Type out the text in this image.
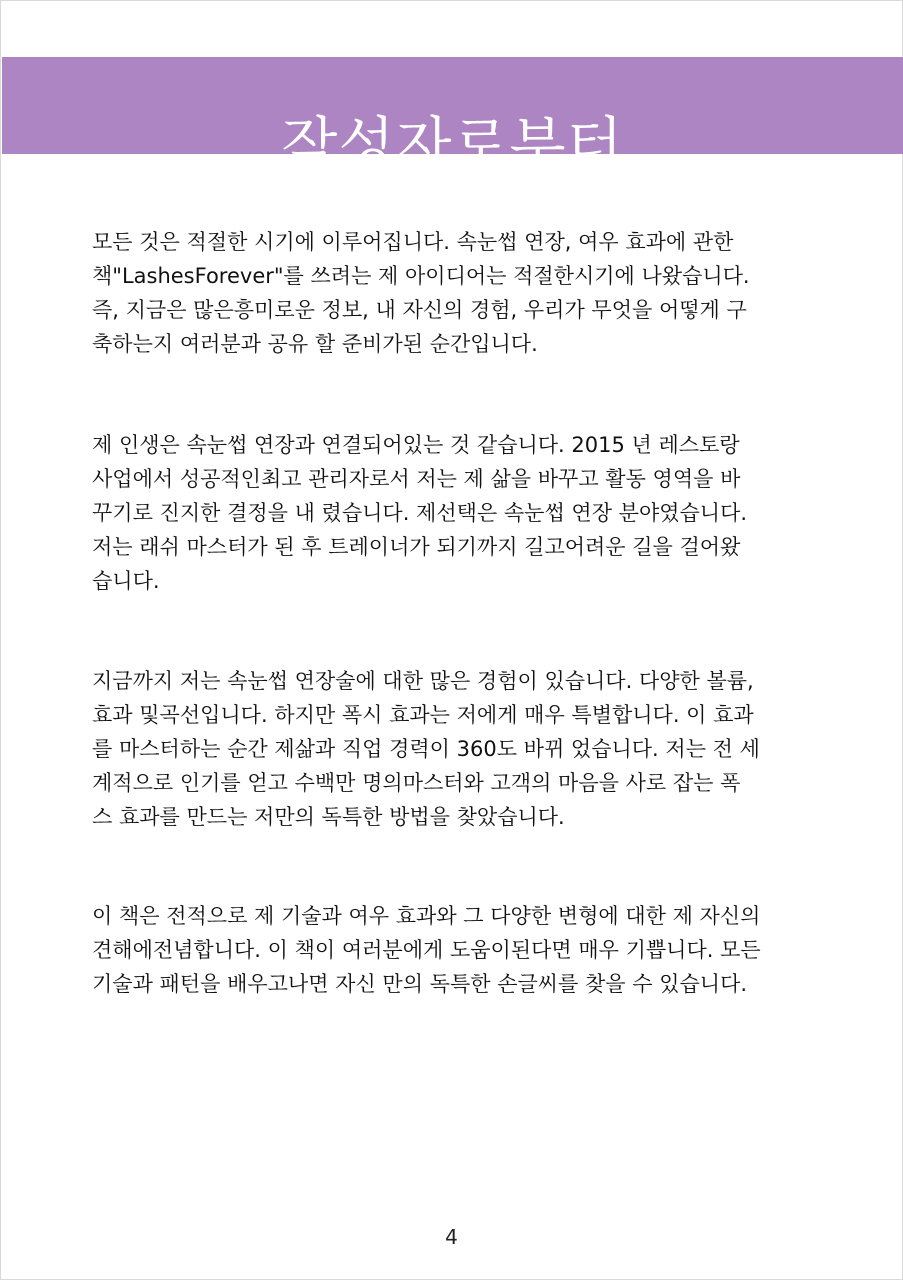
작성자로부터

모든 것은 적절한 시기에 이루어집니다. 속눈썹 연장, 여우 효과에 관한
책"LashesForever"를 쓰려는 제 아이디어는 적절한시기에 나왔습니다.
즉, 지금은 많은흥미로운 정보, 내 자신의 경험, 우리가 무엇을 어떻게 구
축하는지 여러분과 공유 할 준비가된 순간입니다.

제 인생은 속눈썹 연장과 연결되어있는 것 같습니다. 2015 년 레스토랑
사업에서 성공적인최고 관리자로서 저는 제 삶을 바꾸고 활동 영역을 바
꾸기로 진지한 결정을 내 렸습니다. 제선택은 속눈썹 연장 분야였습니다.
저는 래쉬 마스터가 된 후 트레이너가 되기까지 길고어려운 길을 걸어왔
습니다.

지금까지 저는 속눈썹 연장술에 대한 많은 경험이 있습니다. 다양한 볼륨,
효과 및곡선입니다. 하지만 폭시 효과는 저에게 매우 특별합니다. 이 효과
를 마스터하는 순간 제삶과 직업 경력이 360도 바뀌 었습니다. 저는 전 세
계적으로 인기를 얻고 수백만 명의마스터와 고객의 마음을 사로 잡는 폭
스 효과를 만드는 저만의 독특한 방법을 찾았습니다.

이 책은 전적으로 제 기술과 여우 효과와 그 다양한 변형에 대한 제 자신의
견해에전념합니다. 이 책이 여러분에게 도움이된다면 매우 기쁩니다. 모든
기술과 패턴을 배우고나면 자신 만의 독특한 손글씨를 찾을 수 있습니다.

4
